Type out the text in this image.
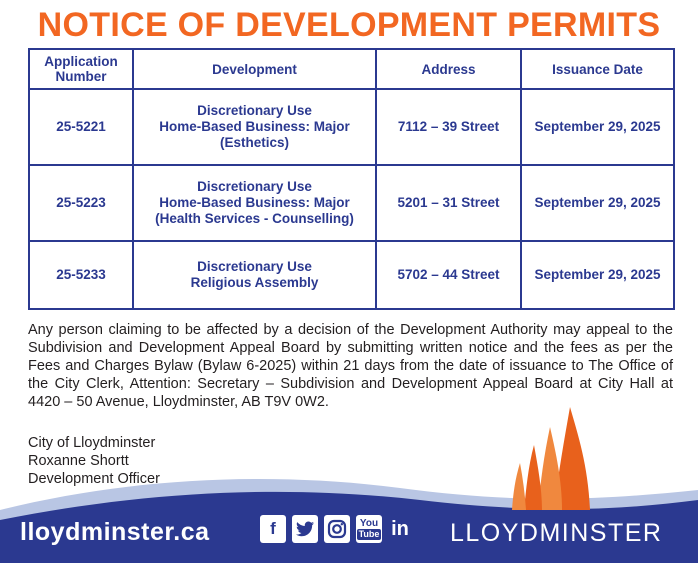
NOTICE OF DEVELOPMENT PERMITS
Application Number	Development	Address	Issuance Date
25-5221	Discretionary Use
Home-Based Business: Major
(Esthetics)	7112 – 39 Street	September 29, 2025
25-5223	Discretionary Use
Home-Based Business: Major
(Health Services - Counselling)	5201 – 31 Street	September 29, 2025
25-5233	Discretionary Use
Religious Assembly	5702 – 44 Street	September 29, 2025

Any person claiming to be affected by a decision of the Development Authority may appeal to the Subdivision and Development Appeal Board by submitting written notice and the fees as per the Fees and Charges Bylaw (Bylaw 6-2025) within 21 days from the date of issuance to The Office of the City Clerk, Attention: Secretary – Subdivision and Development Appeal Board at City Hall at 4420 – 50 Avenue, Lloydminster, AB T9V 0W2.

City of Lloydminster
Roxanne Shortt
Development Officer
lloydminster.ca	f	You
Tube in LLOYDMINSTER
